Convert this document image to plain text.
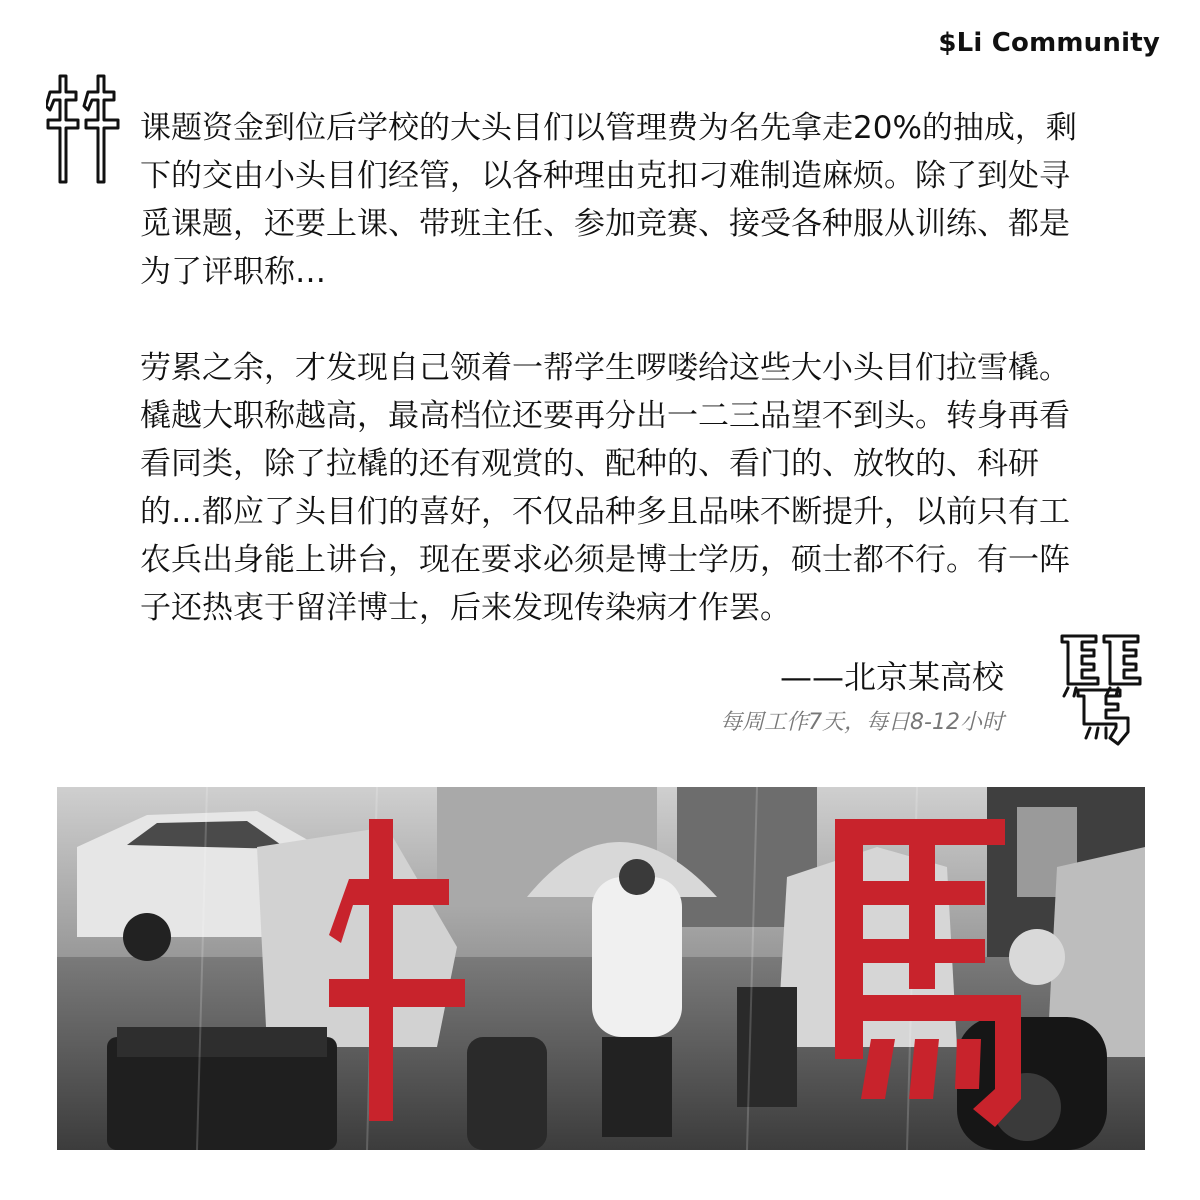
$Li Community

课题资金到位后学校的大头目们以管理费为名先拿走20%的抽成，剩下的交由小头目们经管，以各种理由克扣刁难制造麻烦。除了到处寻觅课题，还要上课、带班主任、参加竞赛、接受各种服从训练、都是为了评职称…

劳累之余，才发现自己领着一帮学生啰喽给这些大小头目们拉雪橇。橇越大职称越高，最高档位还要再分出一二三品望不到头。转身再看看同类，除了拉橇的还有观赏的、配种的、看门的、放牧的、科研的…都应了头目们的喜好，不仅品种多且品味不断提升，以前只有工农兵出身能上讲台，现在要求必须是博士学历，硕士都不行。有一阵子还热衷于留洋博士，后来发现传染病才作罢。

——北京某高校
每周工作7天，每日8-12小时
